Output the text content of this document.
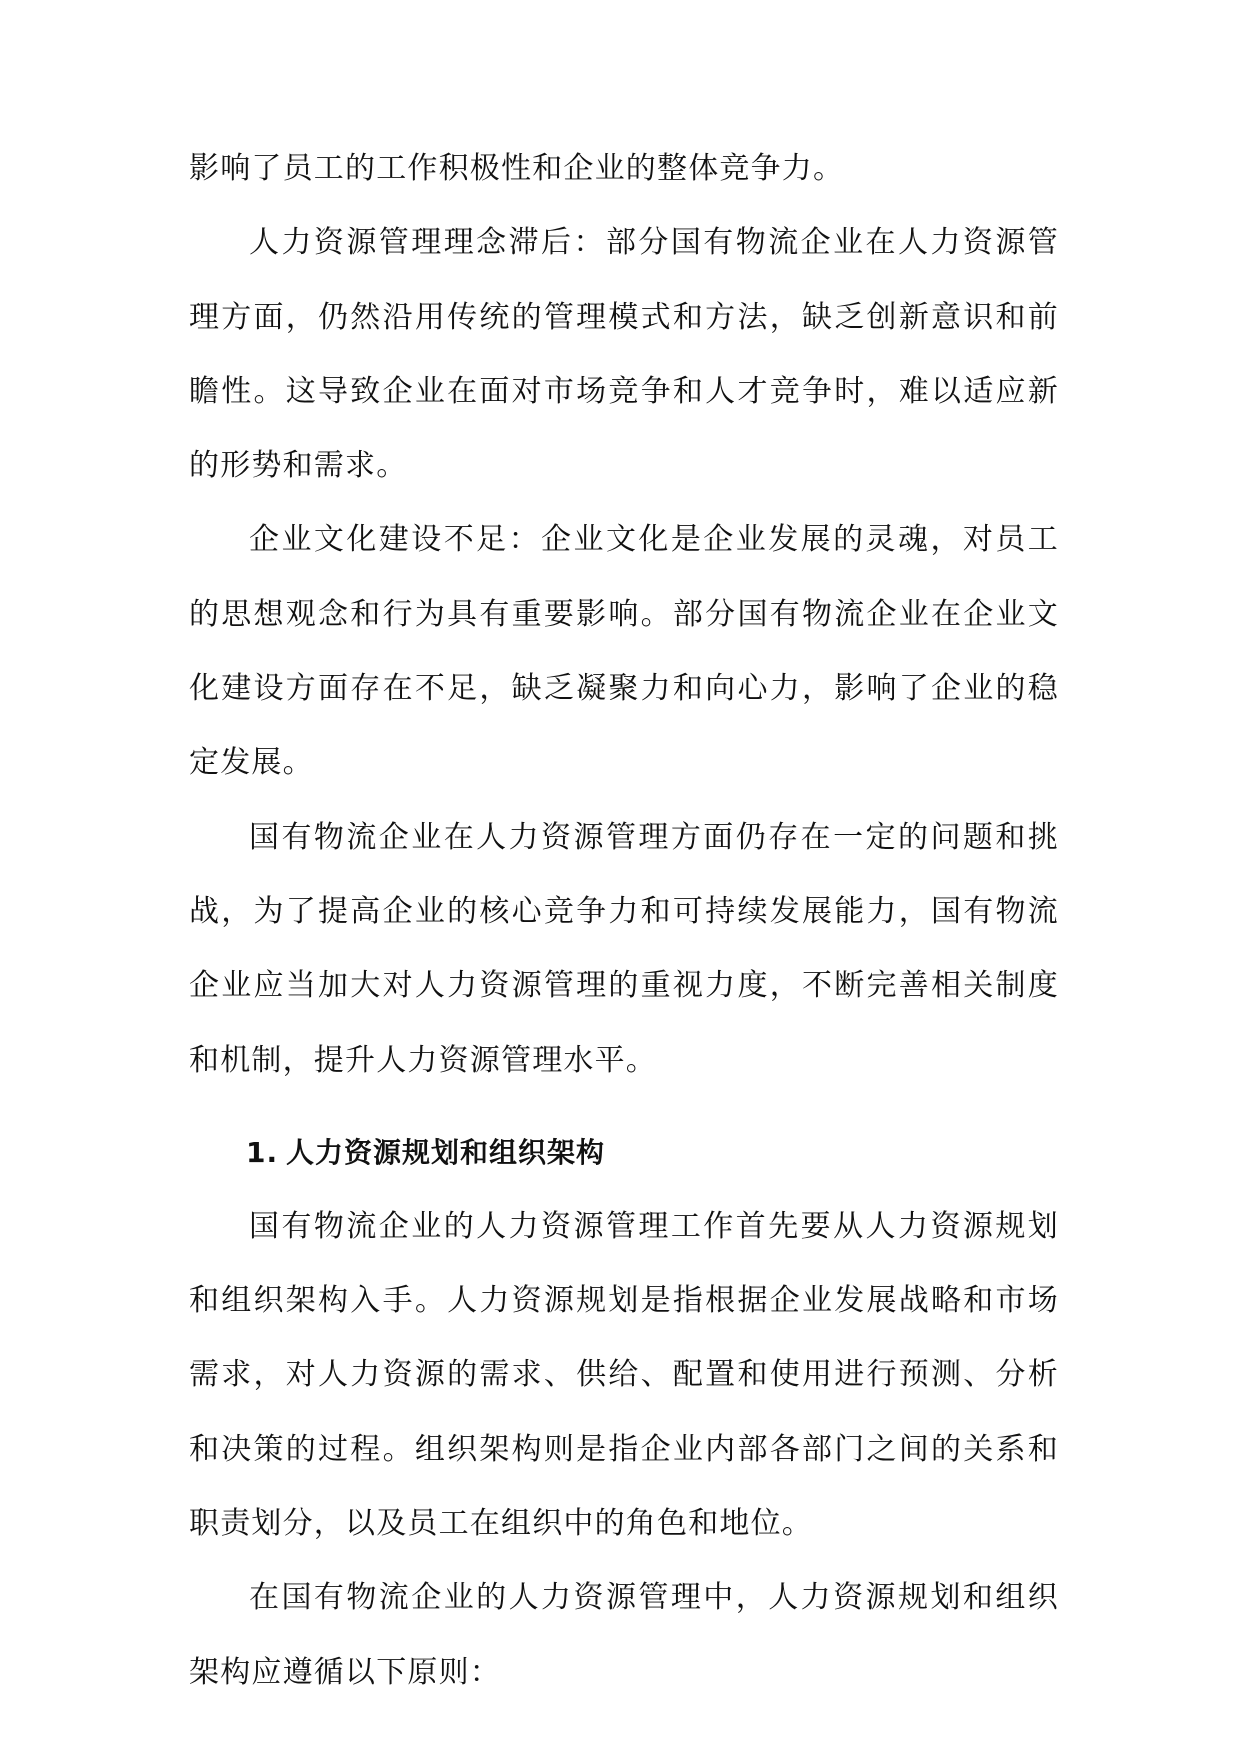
影响了员工的工作积极性和企业的整体竞争力。

人力资源管理理念滞后：部分国有物流企业在人力资源管理方面，仍然沿用传统的管理模式和方法，缺乏创新意识和前瞻性。这导致企业在面对市场竞争和人才竞争时，难以适应新的形势和需求。

企业文化建设不足：企业文化是企业发展的灵魂，对员工的思想观念和行为具有重要影响。部分国有物流企业在企业文化建设方面存在不足，缺乏凝聚力和向心力，影响了企业的稳定发展。

国有物流企业在人力资源管理方面仍存在一定的问题和挑战，为了提高企业的核心竞争力和可持续发展能力，国有物流企业应当加大对人力资源管理的重视力度，不断完善相关制度和机制，提升人力资源管理水平。

1. 人力资源规划和组织架构

国有物流企业的人力资源管理工作首先要从人力资源规划和组织架构入手。人力资源规划是指根据企业发展战略和市场需求，对人力资源的需求、供给、配置和使用进行预测、分析和决策的过程。组织架构则是指企业内部各部门之间的关系和职责划分，以及员工在组织中的角色和地位。

在国有物流企业的人力资源管理中，人力资源规划和组织架构应遵循以下原则：
